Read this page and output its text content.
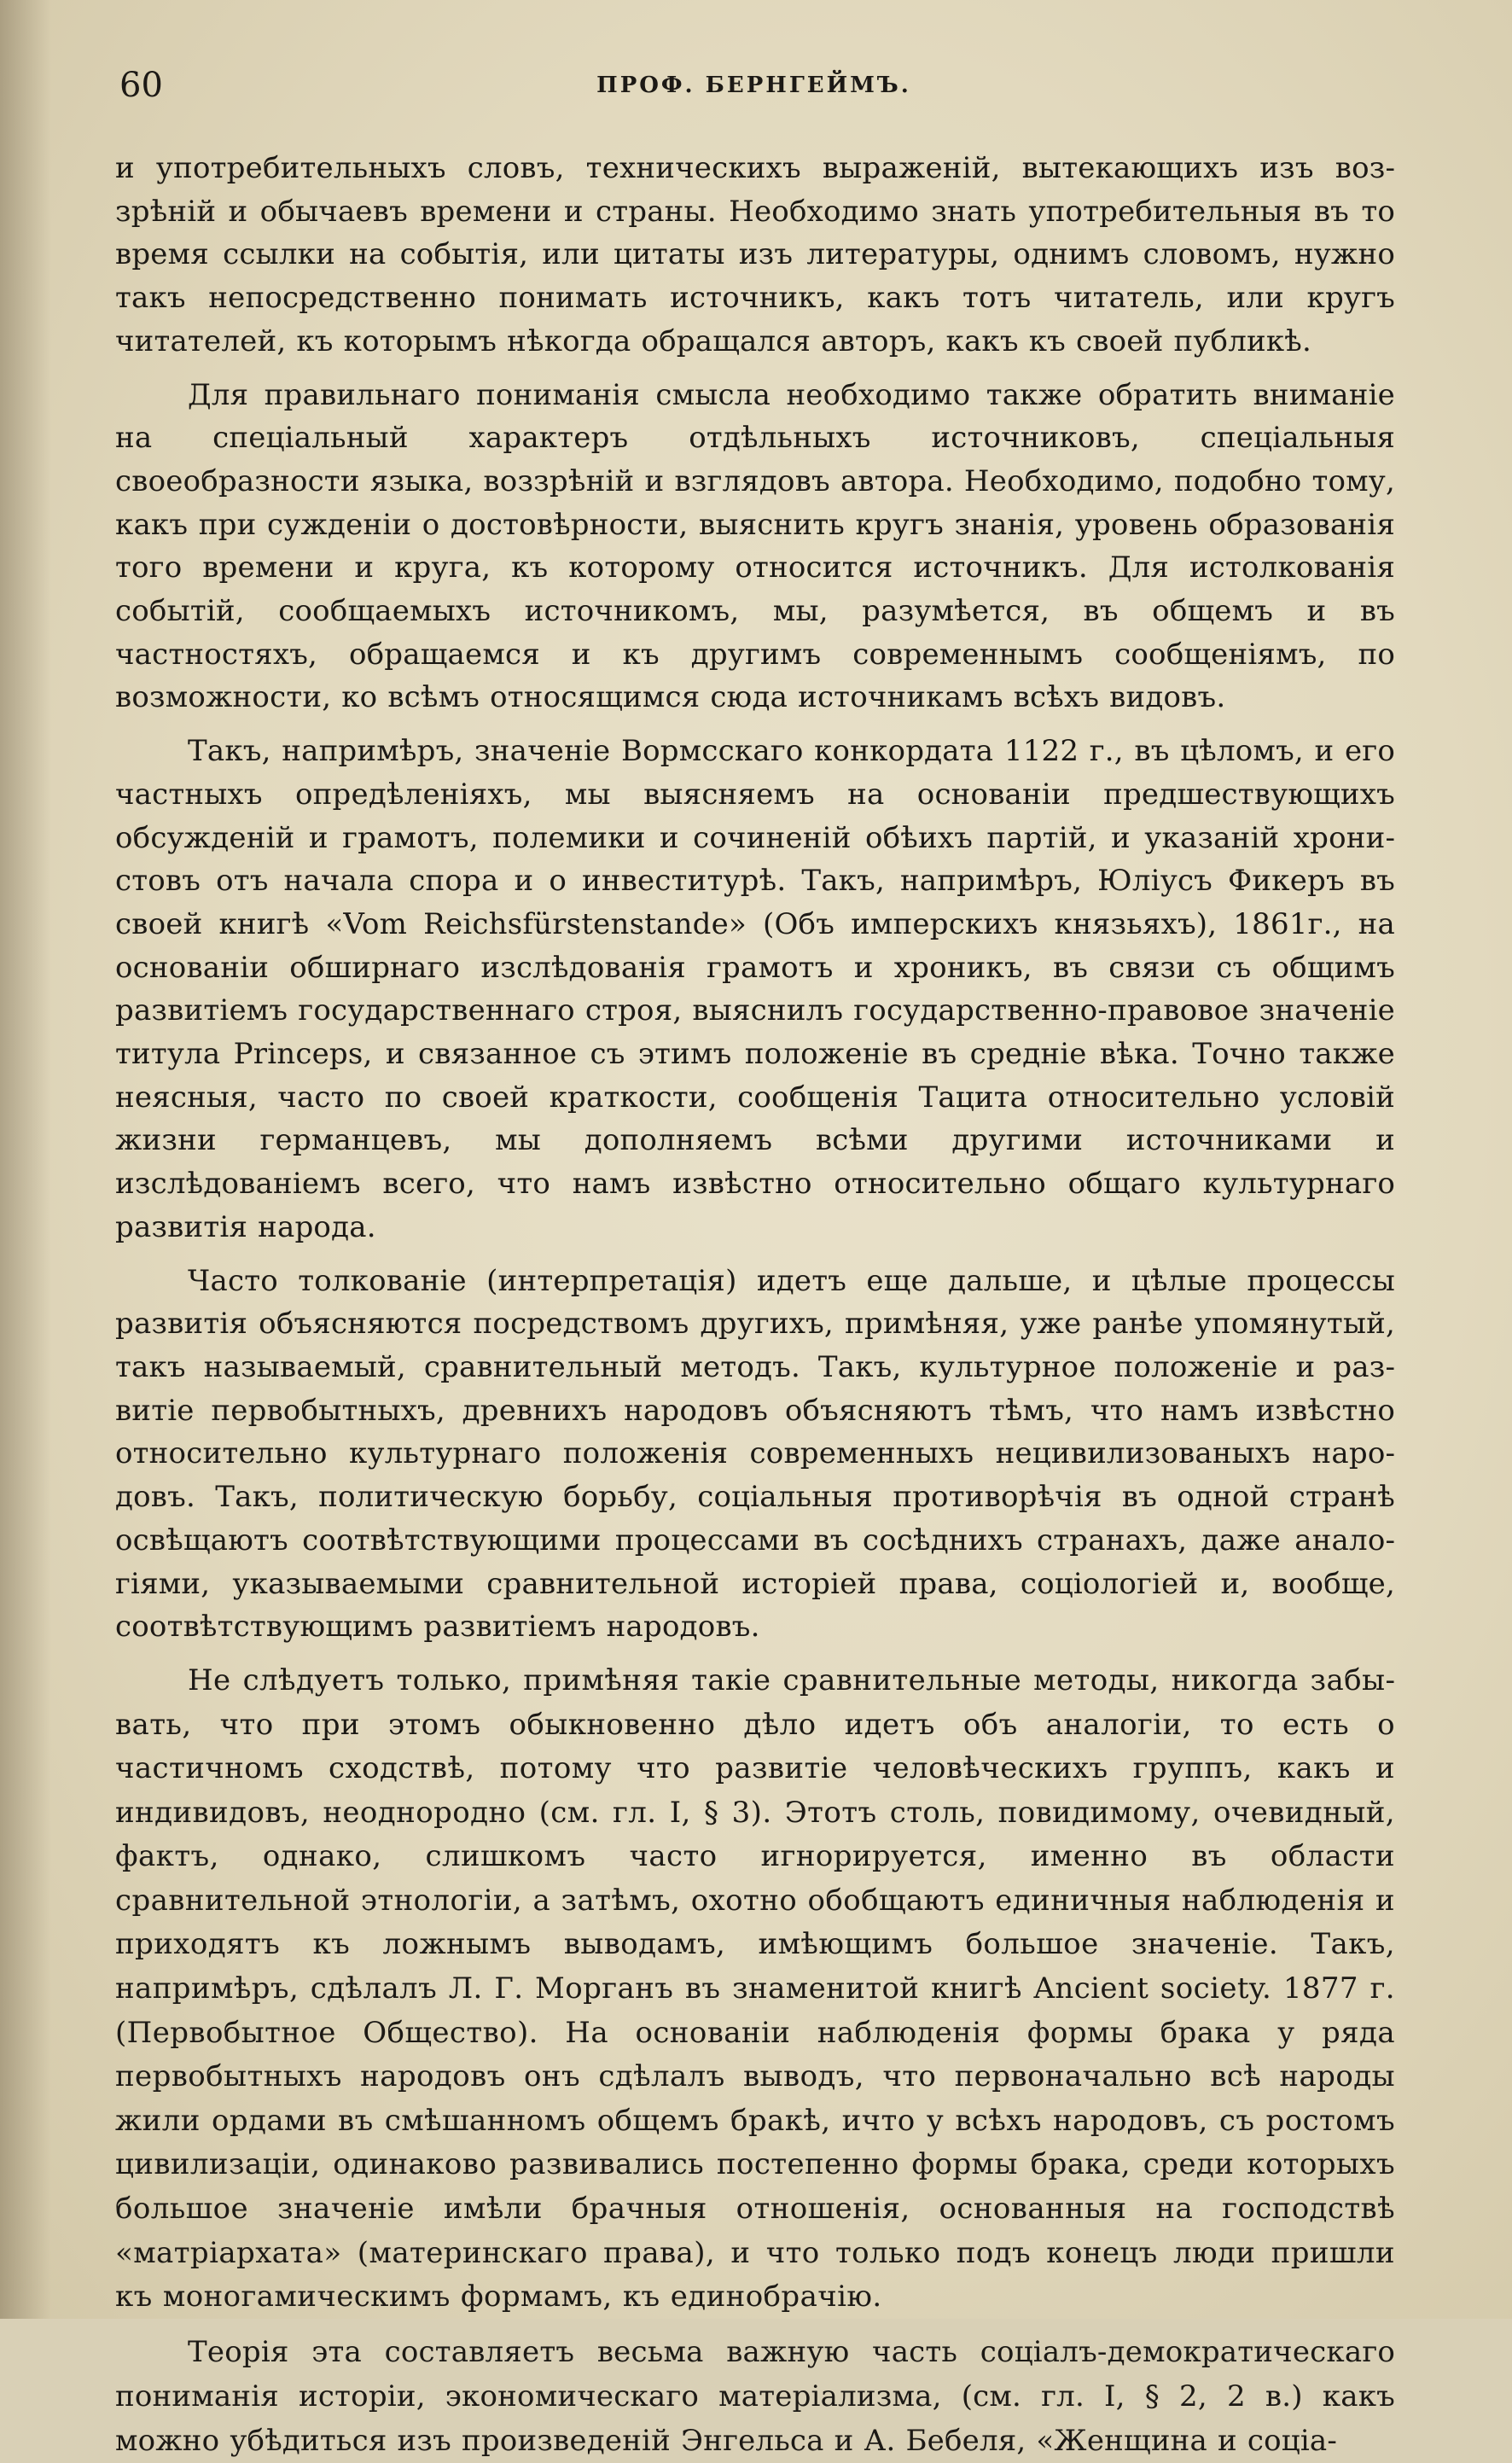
60	ПРОФ. БЕРНГЕЙМЪ.

и употребительныхъ словъ, техническихъ выраженій, вытекающихъ изъ воззрѣній и обычаевъ времени и страны. Необходимо знать употребительныя въ то время ссылки на событія, или цитаты изъ литературы, однимъ словомъ, нужно такъ непосредственно понимать источникъ, какъ тотъ читатель, или кругъ читателей, къ которымъ нѣкогда обращался авторъ, какъ къ своей публикѣ.

Для правильнаго пониманія смысла необходимо также обратить вниманіе на спеціальный характеръ отдѣльныхъ источниковъ, спеціальныя своеобразности языка, воззрѣній и взглядовъ автора. Необходимо, подобно тому, какъ при сужденіи о достовѣрности, выяснить кругъ знанія, уровень образованія того времени и круга, къ которому относится источникъ. Для истолкованія событій, сообщаемыхъ источникомъ, мы, разумѣется, въ общемъ и въ частностяхъ, обращаемся и къ другимъ современнымъ сообщеніямъ, по возможности, ко всѣмъ относящимся сюда источникамъ всѣхъ видовъ.

Такъ, напримѣръ, значеніе Вормсскаго конкордата 1122 г., въ цѣломъ, и его частныхъ опредѣленіяхъ, мы выясняемъ на основаніи предшествующихъ обсужденій и грамотъ, полемики и сочиненій обѣихъ партій, и указаній хронистовъ отъ начала спора и о инвеститурѣ. Такъ, напримѣръ, Юліусъ Фикеръ въ своей книгѣ «Vom Reichsfürstenstande» (Объ имперскихъ князьяхъ), 1861г., на основаніи обширнаго изслѣдованія грамотъ и хроникъ, въ связи съ общимъ развитіемъ государственнаго строя, выяснилъ государственно-правовое значеніе титула Princeps, и связанное съ этимъ положеніе въ средніе вѣка. Точно также неясныя, часто по своей краткости, сообщенія Тацита относительно условій жизни германцевъ, мы дополняемъ всѣми другими источниками и изслѣдованіемъ всего, что намъ извѣстно относительно общаго культурнаго развитія народа.

Часто толкованіе (интерпретація) идетъ еще дальше, и цѣлые процессы развитія объясняются посредствомъ другихъ, примѣняя, уже ранѣе упомянутый, такъ называемый, сравнительный методъ. Такъ, культурное положеніе и развитіе первобытныхъ, древнихъ народовъ объясняютъ тѣмъ, что намъ извѣстно относительно культурнаго положенія современныхъ нецивилизованыхъ народовъ. Такъ, политическую борьбу, соціальныя противорѣчія въ одной странѣ освѣщаютъ соотвѣтствующими процессами въ сосѣднихъ странахъ, даже аналогіями, указываемыми сравнительной исторіей права, соціологіей и, вообще, соотвѣтствующимъ развитіемъ народовъ.

Не слѣдуетъ только, примѣняя такіе сравнительные методы, никогда забывать, что при этомъ обыкновенно дѣло идетъ объ аналогіи, то есть о частичномъ сходствѣ, потому что развитіе человѣческихъ группъ, какъ и индивидовъ, неоднородно (см. гл. I, § 3). Этотъ столь, повидимому, очевидный, фактъ, однако, слишкомъ часто игнорируется, именно въ области сравнительной этнологіи, а затѣмъ, охотно обобщаютъ единичныя наблюденія и приходятъ къ ложнымъ выводамъ, имѣющимъ большое значеніе. Такъ, напримѣръ, сдѣлалъ Л. Г. Морганъ въ знаменитой книгѣ Ancient society. 1877 г. (Первобытное Общество). На основаніи наблюденія формы брака у ряда первобытныхъ народовъ онъ сдѣлалъ выводъ, что первоначально всѣ народы жили ордами въ смѣшанномъ общемъ бракѣ, ичто у всѣхъ народовъ, съ ростомъ цивилизаціи, одинаково развивались постепенно формы брака, среди которыхъ большое значеніе имѣли брачныя отношенія, основанныя на господствѣ «матріархата» (материнскаго права), и что только подъ конецъ люди пришли къ моногамическимъ формамъ, къ единобрачію.

Теорія эта составляетъ весьма важную часть соціалъ-демократическаго пониманія исторіи, экономическаго матеріализма, (см. гл. I, § 2, 2 в.) какъ можно убѣдиться изъ произведеній Энгельса и А. Бебеля, «Женщина и соціа-
